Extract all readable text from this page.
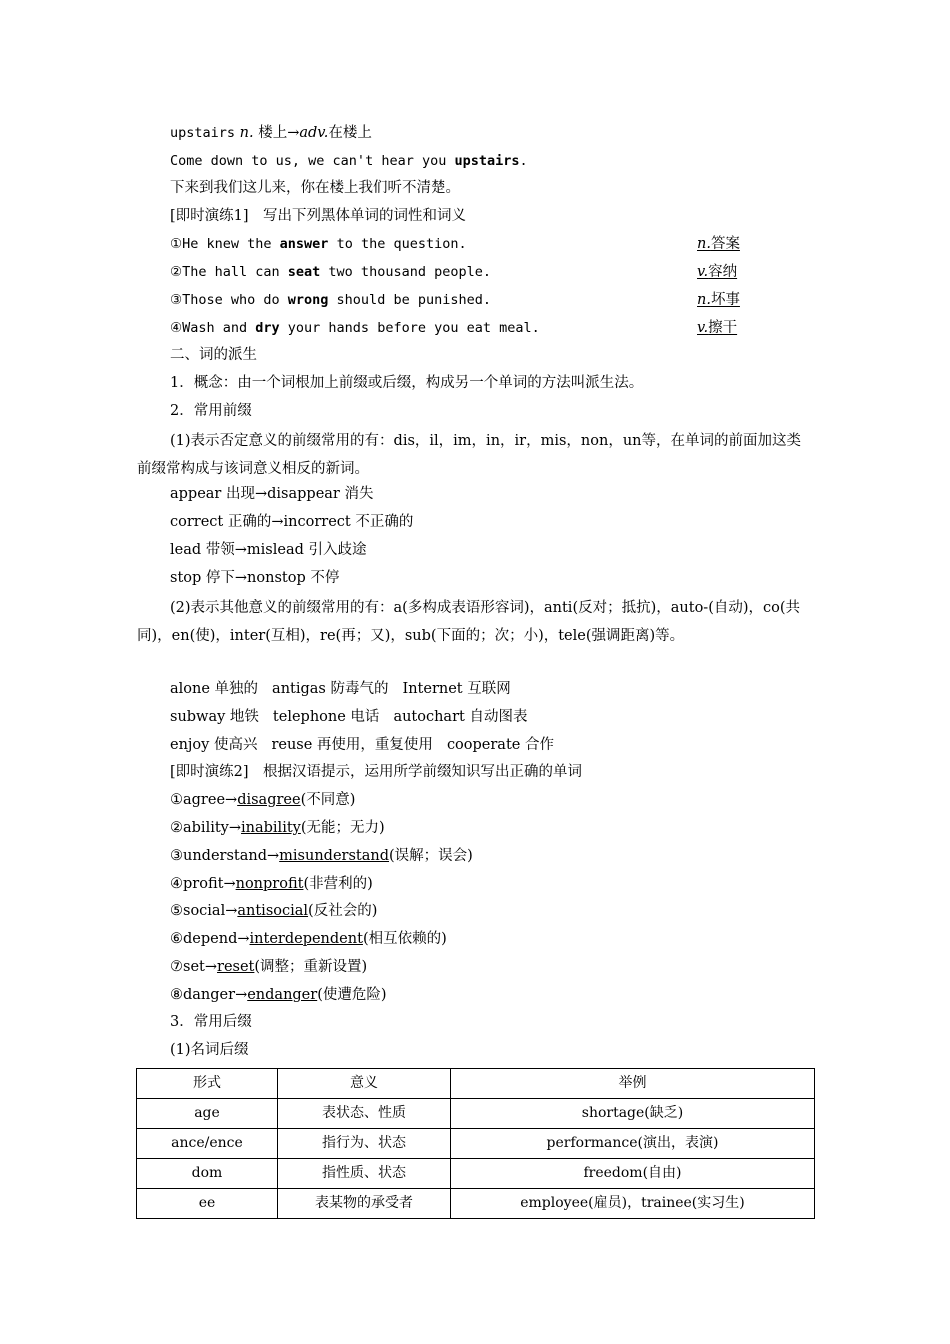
upstairs n. 楼上→adv.在楼上
Come down to us, we can't hear you upstairs.
下来到我们这儿来，你在楼上我们听不清楚。
[即时演练1]　写出下列黑体单词的词性和词义
①He knew the answer to the question.	n.答案
②The hall can seat two thousand people.	v.容纳
③Those who do wrong should be punished.	n.坏事
④Wash and dry your hands before you eat meal.	v.擦干
二、词的派生
1．概念：由一个词根加上前缀或后缀，构成另一个单词的方法叫派生法。
2．常用前缀
(1)表示否定意义的前缀常用的有：dis，il，im，in，ir，mis，non，un等，在单词的前面加这类前缀常构成与该词意义相反的新词。
appear 出现→disappear 消失
correct 正确的→incorrect 不正确的
lead 带领→mislead 引入歧途
stop 停下→nonstop 不停
(2)表示其他意义的前缀常用的有：a(多构成表语形容词)，anti(反对；抵抗)，auto-(自动)，co(共同)，en(使)，inter(互相)，re(再；又)，sub(下面的；次；小)，tele(强调距离)等。
alone 单独的 antigas 防毒气的 Internet 互联网
subway 地铁 telephone 电话 autochart 自动图表
enjoy 使高兴 reuse 再使用，重复使用 cooperate 合作
[即时演练2]　根据汉语提示，运用所学前缀知识写出正确的单词
①agree→disagree(不同意)
②ability→inability(无能；无力)
③understand→misunderstand(误解；误会)
④profit→nonprofit(非营利的)
⑤social→antisocial(反社会的)
⑥depend→interdependent(相互依赖的)
⑦set→reset(调整；重新设置)
⑧danger→endanger(使遭危险)
3．常用后缀
(1)名词后缀
形式	意义	举例
age	表状态、性质	shortage(缺乏)
ance/ence	指行为、状态	performance(演出，表演)
dom	指性质、状态	freedom(自由)
ee	表某物的承受者	employee(雇员)，trainee(实习生)
